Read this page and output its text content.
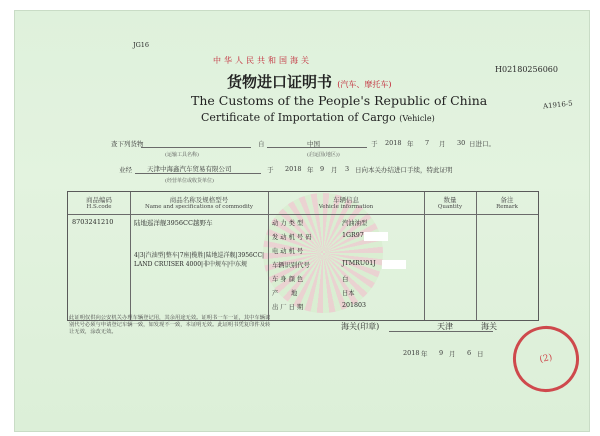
JG16
中华人民共和国海关
H02180256060
A1916-5
货物进口证明书 (汽车、摩托车)
The Customs of the People's Republic of China
Certificate of Importation of Cargo (Vehicle)
查下列货物	自	中国	于 2018 年 7 月 30 日进口。
(运输工具名称)	(启运国(地区))
业经 天津中海鑫汽车贸易有限公司	于 2018 年 9 月 3 日向本关办结进口手续，特此证明
(经营单位或收货单位)
商品编码
H.S.code
商品名称及规格型号
Name and specifications of commodity
车辆信息
Vehicle information
数量
Quantity
备注
Remark
8703241210	陆地巡洋舰3956CC越野车
4|3|汽油型|整车|7座|揽胜|陆地巡洋舰|3956CC|LAND CRUISER 4000|非中规车|中东规
动 力 类 型	汽油油型
发 动 机 号 码	1GR97
电 动 机 号
车辆识别代号	JTMRU01J
车 身 颜 色	白
产　　地	日本
出 厂 日 期	201803
此证明仅供向公安机关办理车辆登记用，其余用途无效。证明书一车一证，其中车辆识别代号必须与申请登记车辆一致，如发现不一致，本证明无效。此证明书凭复印件及转让无效，涂改无效。
海关(印章)	天津	海关
2018 年 9 月 6 日	(2)
